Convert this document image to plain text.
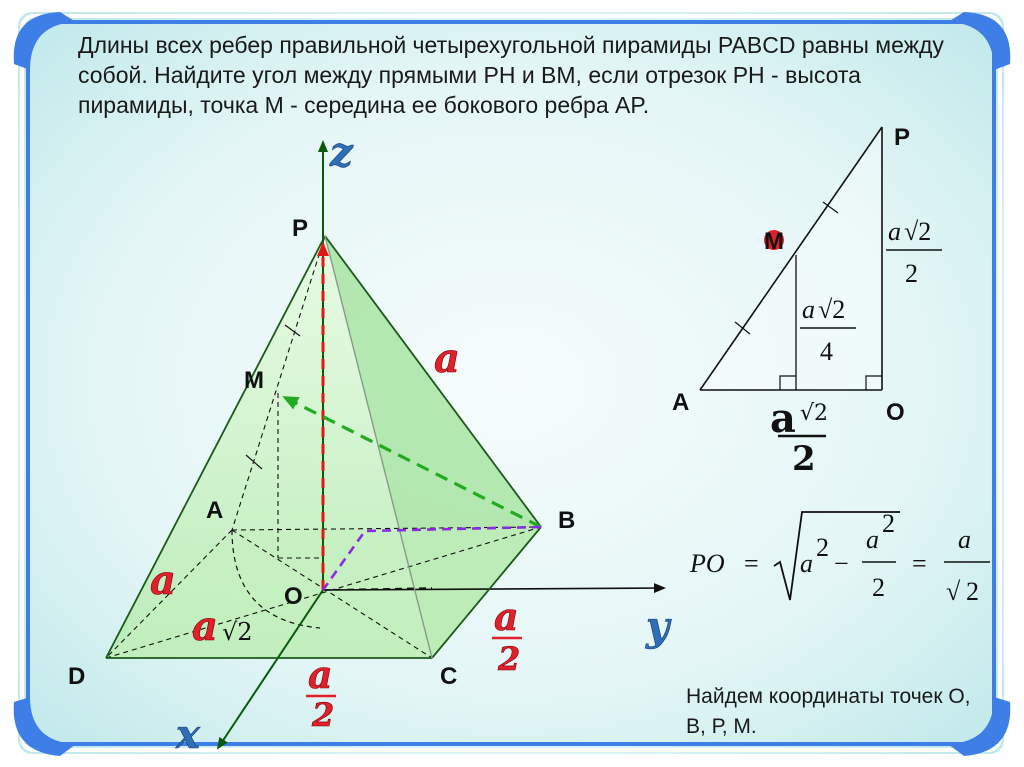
Длины всех ребер правильной четырехугольной пирамиды PABCD равны между собой. Найдите угол между прямыми PH и BM, если отрезок PH - высота пирамиды, точка M - середина ее бокового ребра AP.

P
M
A	B
O
D	C
z
y
x
a
a
a √2	a
2
a
2
P
M
A	O
a √2
2
a √2
4
a √2
2
PO = a
2
−
a
2
2
=
a
√ 2

Найдем координаты точек О, В, Р, М.
